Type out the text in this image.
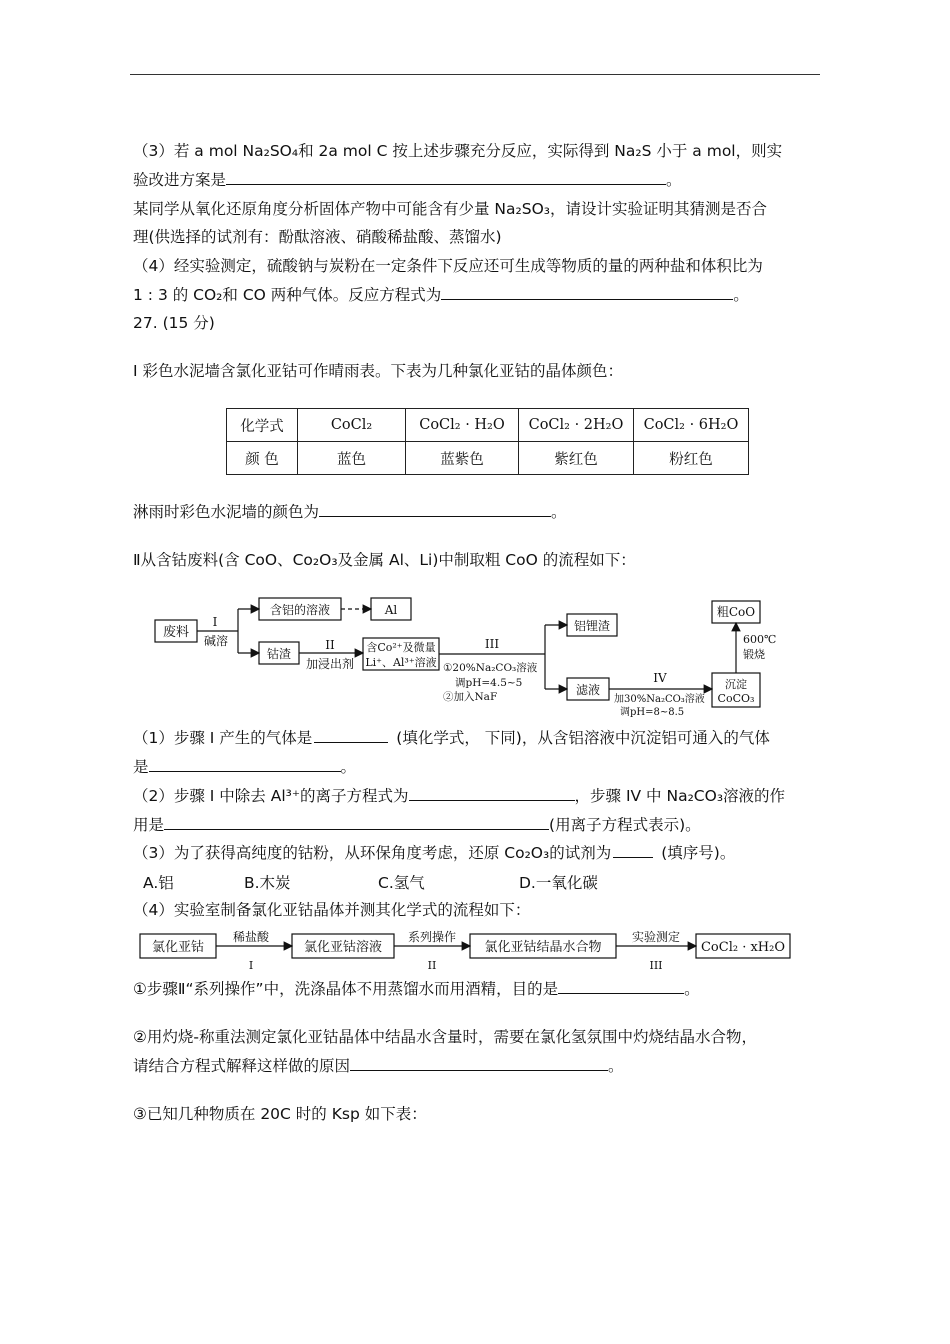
（3）若 a mol Na₂SO₄和 2a mol C 按上述步骤充分反应，实际得到 Na₂S 小于 a mol，则实
验改进方案是	。
某同学从氧化还原角度分析固体产物中可能含有少量 Na₂SO₃，请设计实验证明其猜测是否合
理(供选择的试剂有：酚酞溶液、硝酸稀盐酸、蒸馏水)
（4）经实验测定，硫酸钠与炭粉在一定条件下反应还可生成等物质的量的两种盐和体积比为
1 : 3 的 CO₂和 CO 两种气体。反应方程式为	。
27. (15 分)
I 彩色水泥墙含氯化亚钴可作晴雨表。下表为几种氯化亚钴的晶体颜色：
化学式	CoCl₂	CoCl₂ · H₂O	CoCl₂ · 2H₂O	CoCl₂ · 6H₂O
颜 色	蓝色	蓝紫色	紫红色	粉红色
淋雨时彩色水泥墙的颜色为	。
Ⅱ从含钴废料(含 CoO、Co₂O₃及金属 Al、Li)中制取粗 CoO 的流程如下：
废料
I
碱溶
含铝的溶液	Al
钴渣
II
加浸出剂
含Co²⁺及微量
Li⁺、Al³⁺溶液
III
①20%Na₂CO₃溶液
调pH=4.5~5
②加入NaF
铝锂渣
滤液
IV
加30%Na₂CO₃溶液
调pH=8~8.5
沉淀
CoCO₃
600℃
锻烧
粗CoO
（1）步骤 I 产生的气体是	(填化学式， 下同)，从含铝溶液中沉淀铝可通入的气体
是	。
（2）步骤 I 中除去 Al³⁺的离子方程式为	，步骤 IV 中 Na₂CO₃溶液的作
用是	(用离子方程式表示)。
（3）为了获得高纯度的钴粉，从环保角度考虑，还原 Co₂O₃的试剂为	(填序号)。
A.铝	B.木炭	C.氢气	D.一氧化碳
（4）实验室制备氯化亚钴晶体并测其化学式的流程如下：
氯化亚钴
稀盐酸
I
氯化亚钴溶液
系列操作
II
氯化亚钴结晶水合物
实验测定
III
CoCl₂ · xH₂O
①步骤Ⅱ“系列操作”中，洗涤晶体不用蒸馏水而用酒精，目的是	。
②用灼烧-称重法测定氯化亚钴晶体中结晶水含量时，需要在氯化氢氛围中灼烧结晶水合物，
请结合方程式解释这样做的原因	。
③已知几种物质在 20C 时的 Ksp 如下表：
